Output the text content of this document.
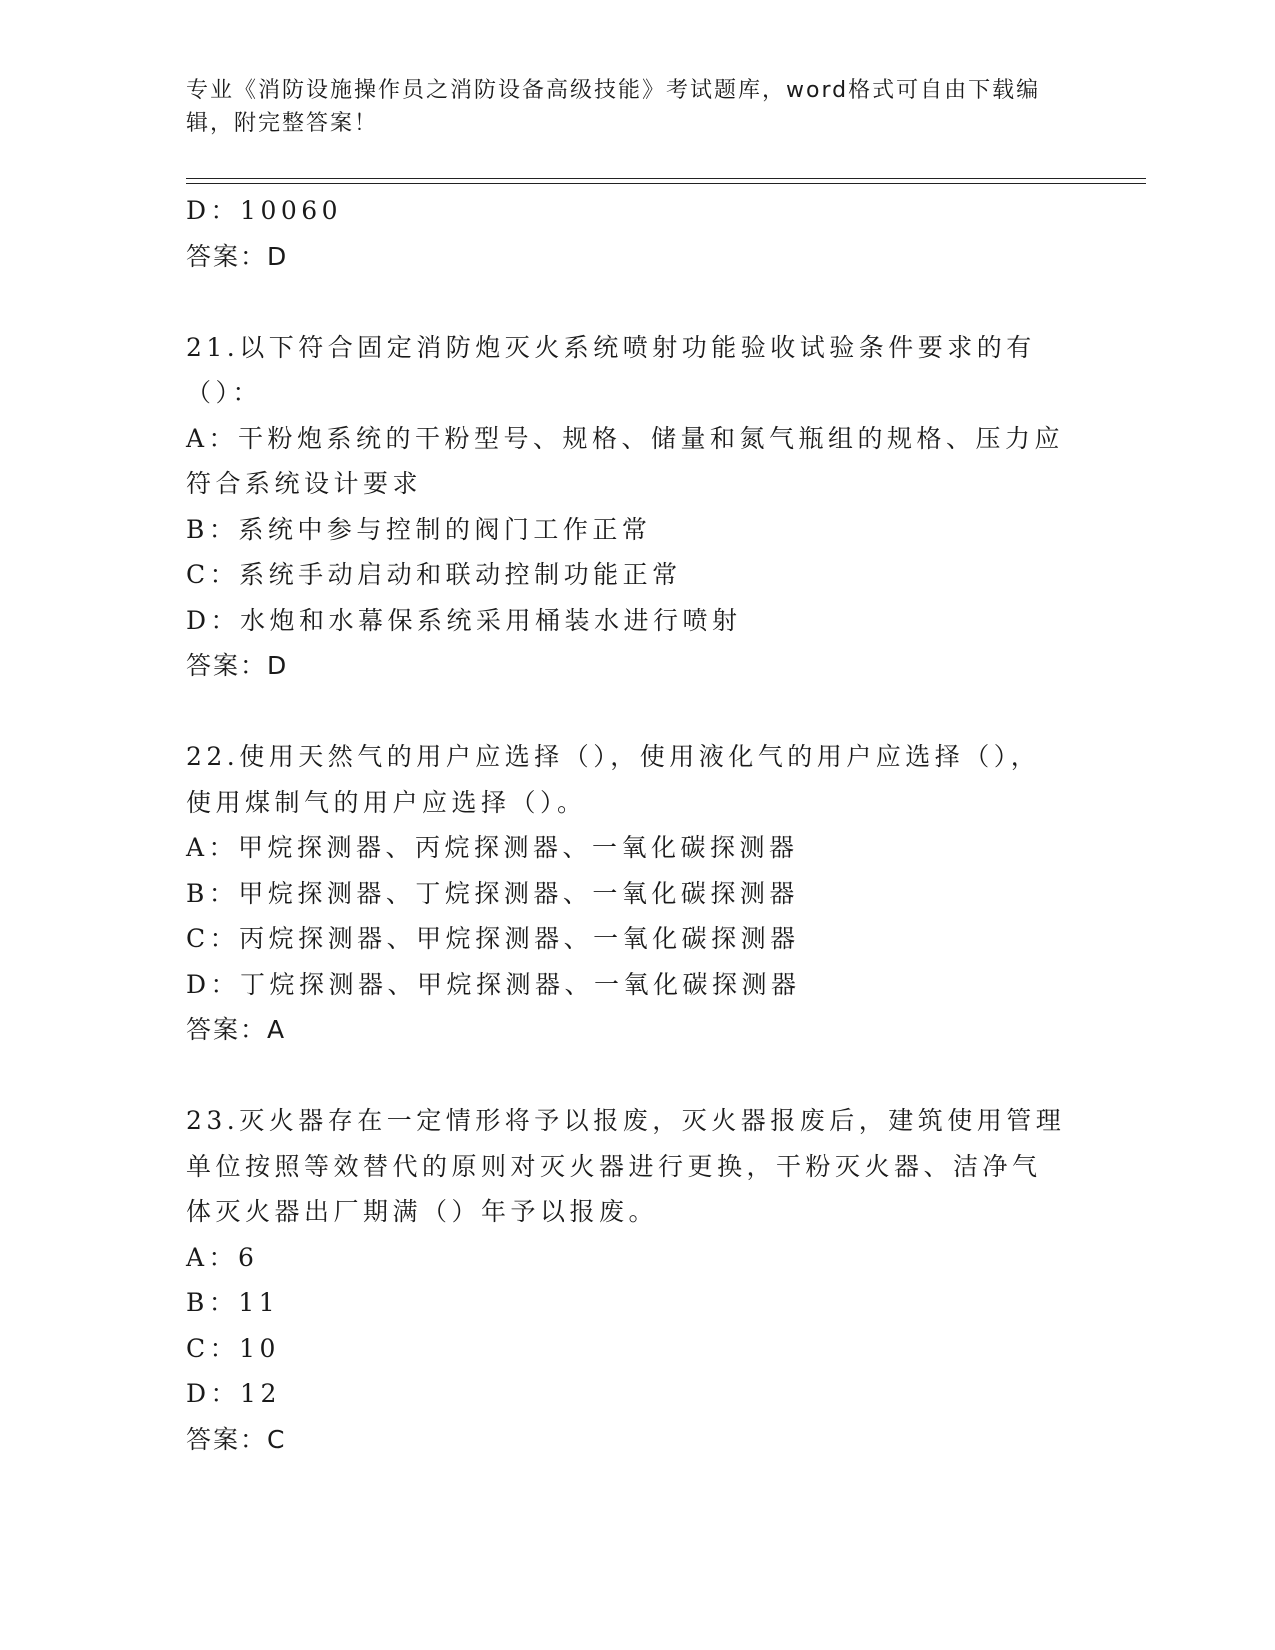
专业《消防设施操作员之消防设备高级技能》考试题库，word格式可自由下载编辑，附完整答案！
D：10060
答案：D
21.以下符合固定消防炮灭火系统喷射功能验收试验条件要求的有（）：
A：干粉炮系统的干粉型号、规格、储量和氮气瓶组的规格、压力应符合系统设计要求
B：系统中参与控制的阀门工作正常
C：系统手动启动和联动控制功能正常
D：水炮和水幕保系统采用桶装水进行喷射
答案：D
22.使用天然气的用户应选择（），使用液化气的用户应选择（），使用煤制气的用户应选择（）。
A：甲烷探测器、丙烷探测器、一氧化碳探测器
B：甲烷探测器、丁烷探测器、一氧化碳探测器
C：丙烷探测器、甲烷探测器、一氧化碳探测器
D：丁烷探测器、甲烷探测器、一氧化碳探测器
答案：A
23.灭火器存在一定情形将予以报废，灭火器报废后，建筑使用管理单位按照等效替代的原则对灭火器进行更换，干粉灭火器、洁净气体灭火器出厂期满（）年予以报废。
A：6
B：11
C：10
D：12
答案：C
